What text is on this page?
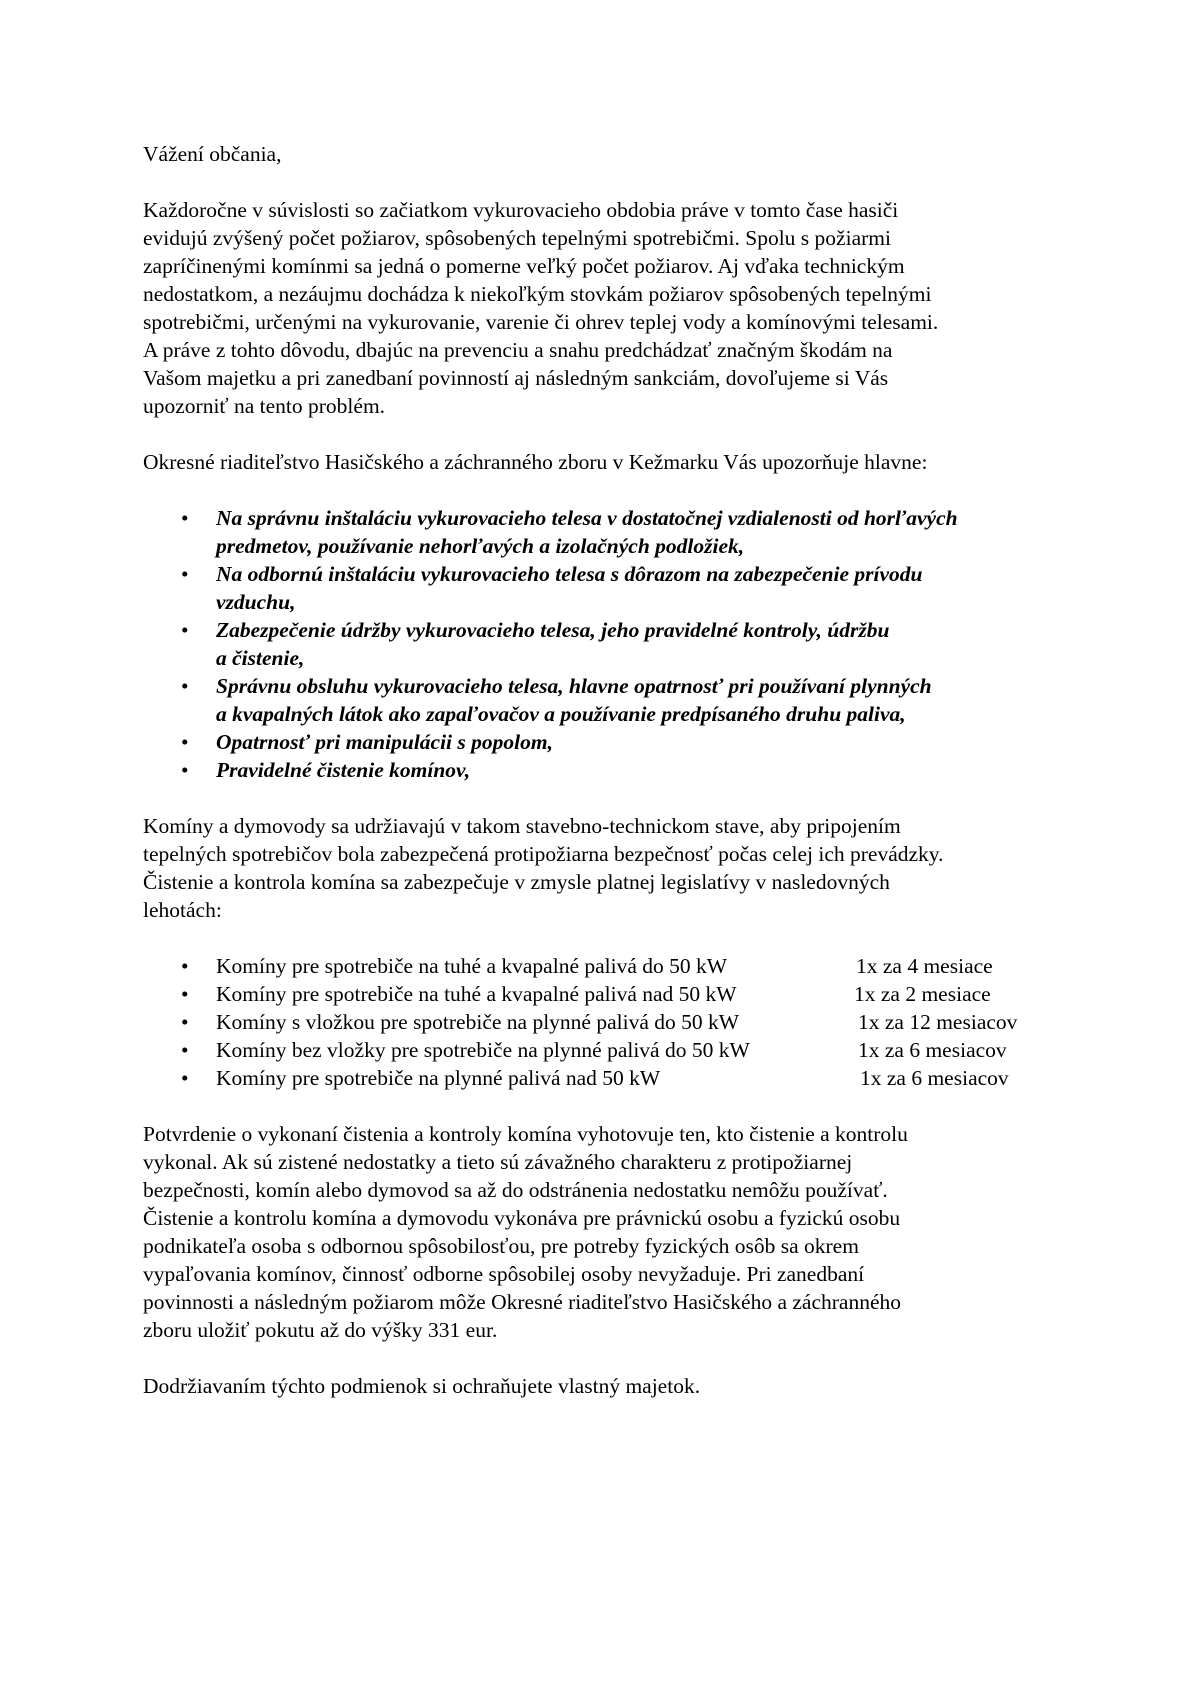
Vážení občania,

Každoročne v súvislosti so začiatkom vykurovacieho obdobia práve v tomto čase hasiči
evidujú zvýšený počet požiarov, spôsobených tepelnými spotrebičmi. Spolu s požiarmi
zapríčinenými komínmi sa jedná o pomerne veľký počet požiarov. Aj vďaka technickým
nedostatkom, a nezáujmu dochádza k niekoľkým stovkám požiarov spôsobených tepelnými
spotrebičmi, určenými na vykurovanie, varenie či ohrev teplej vody a komínovými telesami.
A práve z tohto dôvodu, dbajúc na prevenciu a snahu predchádzať značným škodám na
Vašom majetku a pri zanedbaní povinností aj následným sankciám, dovoľujeme si Vás
upozorniť na tento problém.

Okresné riaditeľstvo Hasičského a záchranného zboru v Kežmarku Vás upozorňuje hlavne:

• Na správnu inštaláciu vykurovacieho telesa v dostatočnej vzdialenosti od horľavých
predmetov, používanie nehorľavých a izolačných podložiek,
• Na odbornú inštaláciu vykurovacieho telesa s dôrazom na zabezpečenie prívodu
vzduchu,
• Zabezpečenie údržby vykurovacieho telesa, jeho pravidelné kontroly, údržbu
a čistenie,
• Správnu obsluhu vykurovacieho telesa, hlavne opatrnosť pri používaní plynných
a kvapalných látok ako zapaľovačov a používanie predpísaného druhu paliva,
• Opatrnosť pri manipulácii s popolom,
• Pravidelné čistenie komínov,
Komíny a dymovody sa udržiavajú v takom stavebno-technickom stave, aby pripojením
tepelných spotrebičov bola zabezpečená protipožiarna bezpečnosť počas celej ich prevádzky.
Čistenie a kontrola komína sa zabezpečuje v zmysle platnej legislatívy v nasledovných
lehotách:
• Komíny pre spotrebiče na tuhé a kvapalné palivá do 50 kW	1x za 4 mesiace
• Komíny pre spotrebiče na tuhé a kvapalné palivá nad 50 kW	1x za 2 mesiace
• Komíny s vložkou pre spotrebiče na plynné palivá do 50 kW	1x za 12 mesiacov
• Komíny bez vložky pre spotrebiče na plynné palivá do 50 kW	1x za 6 mesiacov
• Komíny pre spotrebiče na plynné palivá nad 50 kW	1x za 6 mesiacov
Potvrdenie o vykonaní čistenia a kontroly komína vyhotovuje ten, kto čistenie a kontrolu
vykonal. Ak sú zistené nedostatky a tieto sú závažného charakteru z protipožiarnej
bezpečnosti, komín alebo dymovod sa až do odstránenia nedostatku nemôžu používať.
Čistenie a kontrolu komína a dymovodu vykonáva pre právnickú osobu a fyzickú osobu
podnikateľa osoba s odbornou spôsobilosťou, pre potreby fyzických osôb sa okrem
vypaľovania komínov, činnosť odborne spôsobilej osoby nevyžaduje. Pri zanedbaní
povinnosti a následným požiarom môže Okresné riaditeľstvo Hasičského a záchranného
zboru uložiť pokutu až do výšky 331 eur.

Dodržiavaním týchto podmienok si ochraňujete vlastný majetok.
